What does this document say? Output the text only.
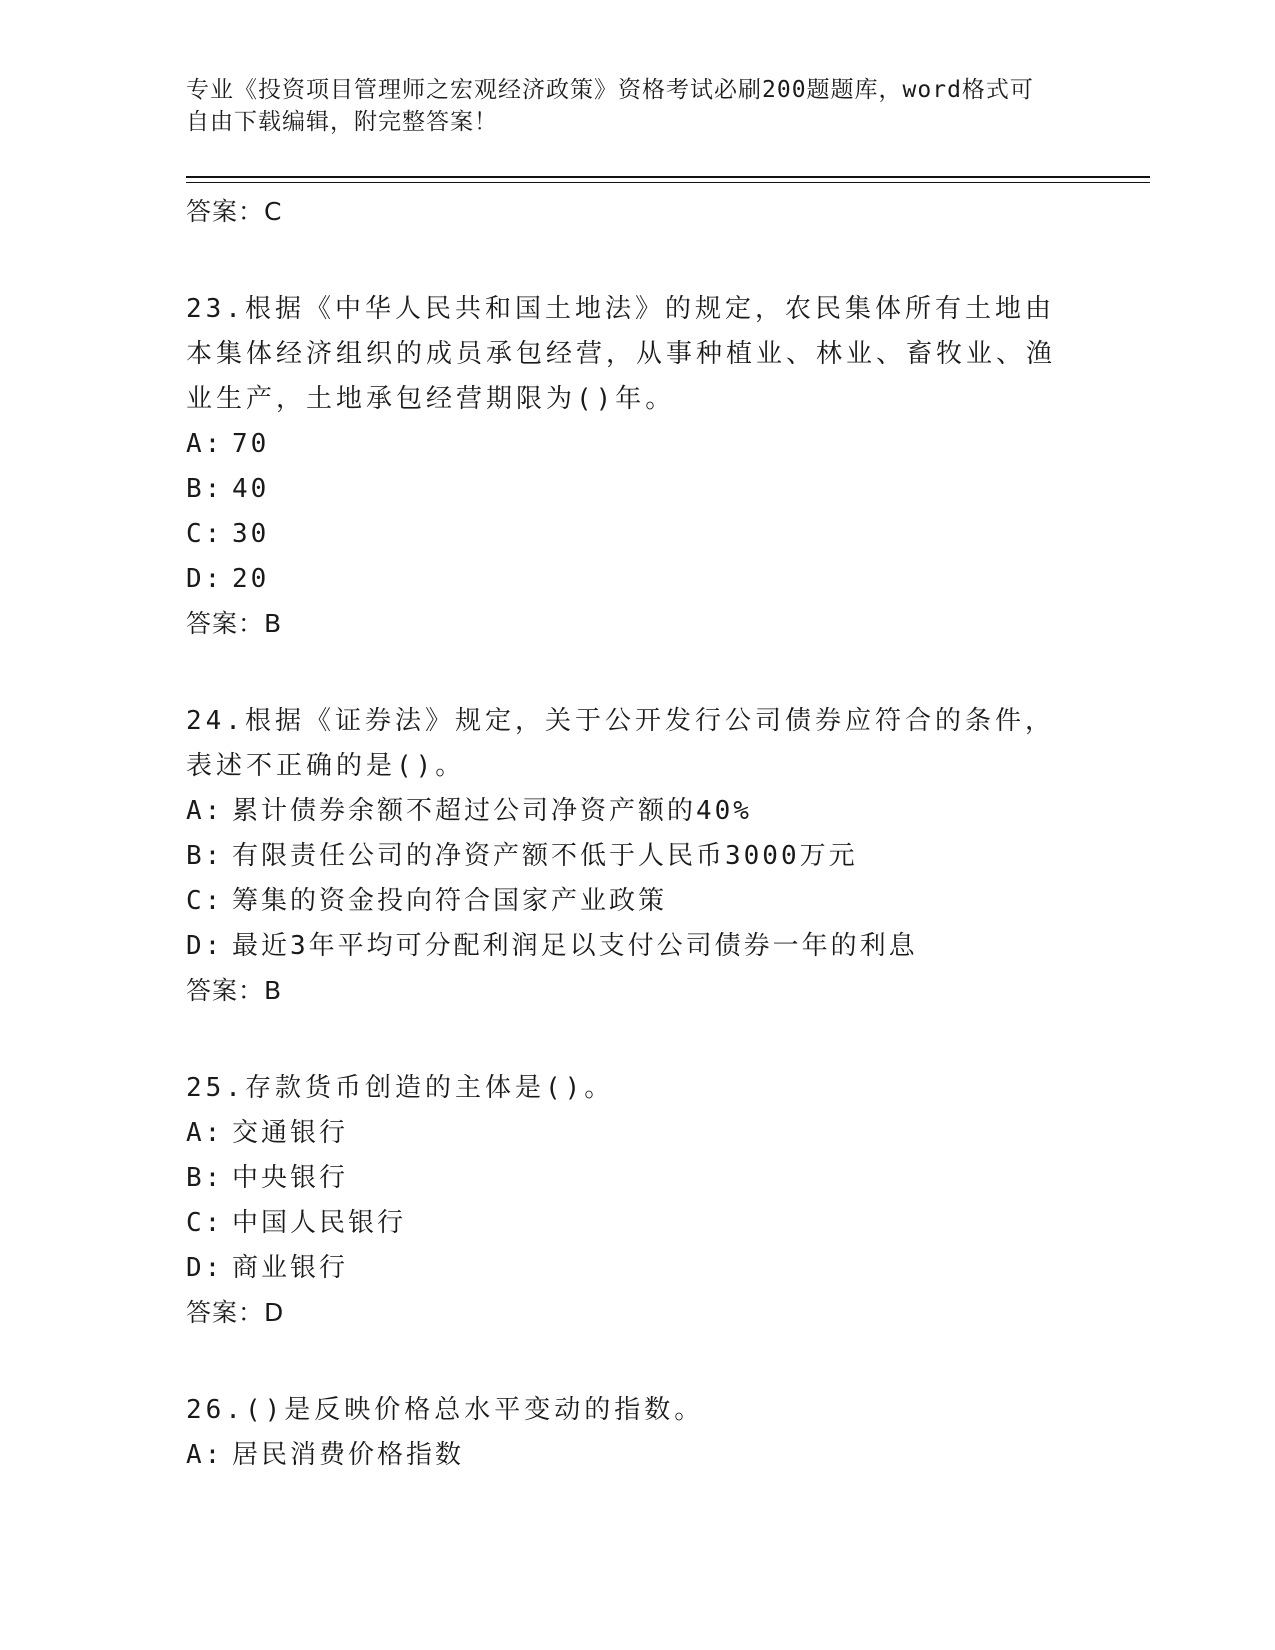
专业《投资项目管理师之宏观经济政策》资格考试必刷200题题库，word格式可
自由下载编辑，附完整答案！
答案：C
23.根据《中华人民共和国土地法》的规定，农民集体所有土地由本集体经济组织的成员承包经营，从事种植业、林业、畜牧业、渔业生产，土地承包经营期限为()年。
A: 70
B: 40
C: 30
D: 20
答案：B
24.根据《证券法》规定，关于公开发行公司债券应符合的条件，表述不正确的是()。
A: 累计债券余额不超过公司净资产额的40%
B: 有限责任公司的净资产额不低于人民币3000万元
C: 筹集的资金投向符合国家产业政策
D: 最近3年平均可分配利润足以支付公司债券一年的利息
答案：B
25.存款货币创造的主体是()。
A: 交通银行
B: 中央银行
C: 中国人民银行
D: 商业银行
答案：D
26.()是反映价格总水平变动的指数。
A: 居民消费价格指数
